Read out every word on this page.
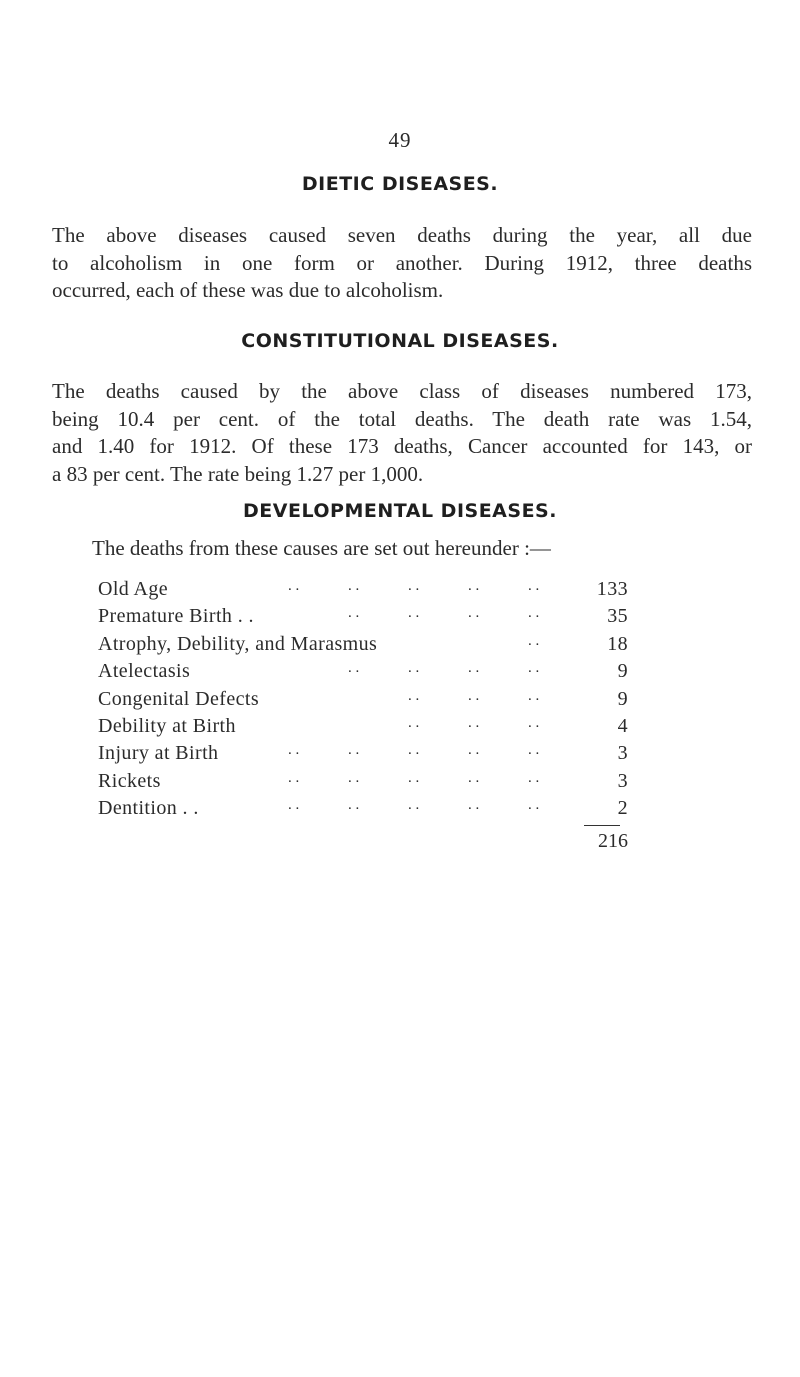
49
DIETIC DISEASES.

The above diseases caused seven deaths during the year, all due
to alcoholism in one form or another. During 1912, three deaths
occurred, each of these was due to alcoholism.

CONSTITUTIONAL DISEASES.

The deaths caused by the above class of diseases numbered 173,
being 10.4 per cent. of the total deaths. The death rate was 1.54,
and 1.40 for 1912. Of these 173 deaths, Cancer accounted for 143, or
a 83 per cent. The rate being 1.27 per 1,000.

DEVELOPMENTAL DISEASES.
The deaths from these causes are set out hereunder :—
Old Age	. .	. .	. .	. .	. .	133
Premature Birth . .	. .	. .	. .	. .	35
Atrophy, Debility, and Marasmus	. .	18
Atelectasis	. .	. .	. .	. .	9
Congenital Defects	. .	. .	. .	9
Debility at Birth	. .	. .	. .	4
Injury at Birth	. .	. .	. .	. .	. .	3
Rickets	. .	. .	. .	. .	. .	3
Dentition . .	. .	. .	. .	. .	. .	2
216
